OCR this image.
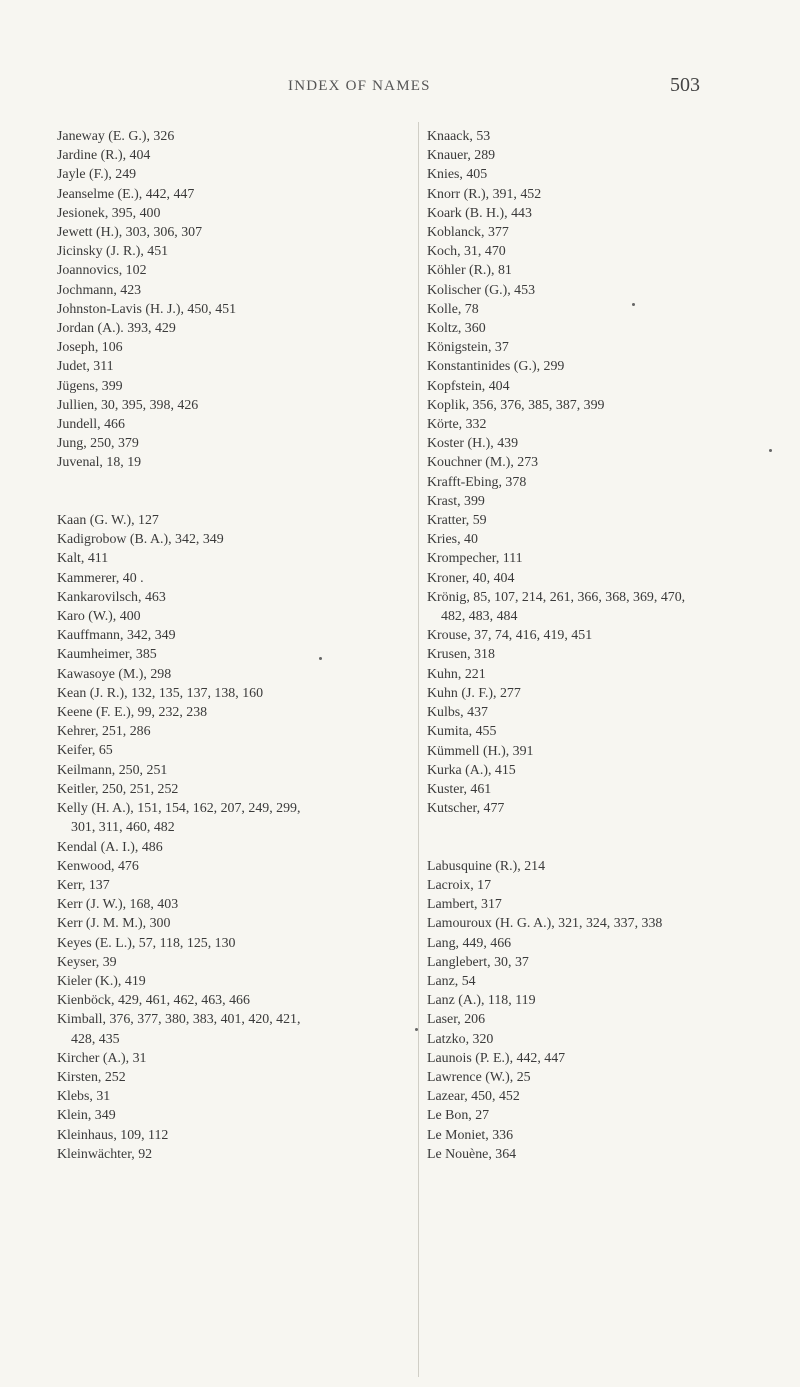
INDEX OF NAMES	503
Janeway (E. G.), 326
Jardine (R.), 404
Jayle (F.), 249
Jeanselme (E.), 442, 447
Jesionek, 395, 400
Jewett (H.), 303, 306, 307
Jicinsky (J. R.), 451
Joannovics, 102
Jochmann, 423
Johnston-Lavis (H. J.), 450, 451
Jordan (A.). 393, 429
Joseph, 106
Judet, 311
Jügens, 399
Jullien, 30, 395, 398, 426
Jundell, 466
Jung, 250, 379
Juvenal, 18, 19
Kaan (G. W.), 127
Kadigrobow (B. A.), 342, 349
Kalt, 411
Kammerer, 40 .
Kankarovilsch, 463
Karo (W.), 400
Kauffmann, 342, 349
Kaumheimer, 385
Kawasoye (M.), 298
Kean (J. R.), 132, 135, 137, 138, 160
Keene (F. E.), 99, 232, 238
Kehrer, 251, 286
Keifer, 65
Keilmann, 250, 251
Keitler, 250, 251, 252
Kelly (H. A.), 151, 154, 162, 207, 249, 299,
301, 311, 460, 482
Kendal (A. I.), 486
Kenwood, 476
Kerr, 137
Kerr (J. W.), 168, 403
Kerr (J. M. M.), 300
Keyes (E. L.), 57, 118, 125, 130
Keyser, 39
Kieler (K.), 419
Kienböck, 429, 461, 462, 463, 466
Kimball, 376, 377, 380, 383, 401, 420, 421,
428, 435
Kircher (A.), 31
Kirsten, 252
Klebs, 31
Klein, 349
Kleinhaus, 109, 112
Kleinwächter, 92
Knaack, 53
Knauer, 289
Knies, 405
Knorr (R.), 391, 452
Koark (B. H.), 443
Koblanck, 377
Koch, 31, 470
Köhler (R.), 81
Kolischer (G.), 453
Kolle, 78
Koltz, 360
Königstein, 37
Konstantinides (G.), 299
Kopfstein, 404
Koplik, 356, 376, 385, 387, 399
Körte, 332
Koster (H.), 439
Kouchner (M.), 273
Krafft-Ebing, 378
Krast, 399
Kratter, 59
Kries, 40
Krompecher, 111
Kroner, 40, 404
Krönig, 85, 107, 214, 261, 366, 368, 369, 470,
482, 483, 484
Krouse, 37, 74, 416, 419, 451
Krusen, 318
Kuhn, 221
Kuhn (J. F.), 277
Kulbs, 437
Kumita, 455
Kümmell (H.), 391
Kurka (A.), 415
Kuster, 461
Kutscher, 477
Labusquine (R.), 214
Lacroix, 17
Lambert, 317
Lamouroux (H. G. A.), 321, 324, 337, 338
Lang, 449, 466
Langlebert, 30, 37
Lanz, 54
Lanz (A.), 118, 119
Laser, 206
Latzko, 320
Launois (P. E.), 442, 447
Lawrence (W.), 25
Lazear, 450, 452
Le Bon, 27
Le Moniet, 336
Le Nouène, 364
